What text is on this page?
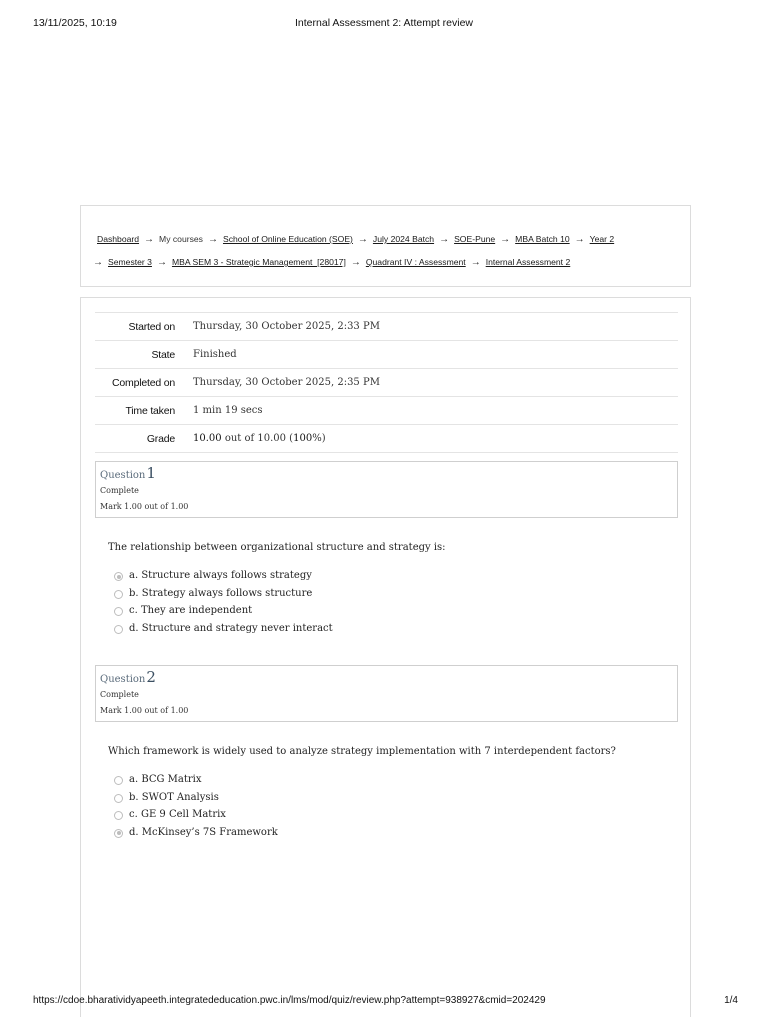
13/11/2025, 10:19	Internal Assessment 2: Attempt review
Dashboard → My courses → School of Online Education (SOE) → July 2024 Batch → SOE-Pune → MBA Batch 10 → Year 2
→ Semester 3 → MBA SEM 3 - Strategic Management_[28017] → Quadrant IV : Assessment → Internal Assessment 2
Started on	Thursday, 30 October 2025, 2:33 PM
State	Finished
Completed on	Thursday, 30 October 2025, 2:35 PM
Time taken	1 min 19 secs
Grade	10.00 out of 10.00 (100%)
Question1
Complete
Mark 1.00 out of 1.00
The relationship between organizational structure and strategy is:
a. Structure always follows strategy
b. Strategy always follows structure
c. They are independent
d. Structure and strategy never interact
Question2
Complete
Mark 1.00 out of 1.00
Which framework is widely used to analyze strategy implementation with 7 interdependent factors?
a. BCG Matrix
b. SWOT Analysis
c. GE 9 Cell Matrix
d. McKinsey’s 7S Framework
https://cdoe.bharatividyapeeth.integratededucation.pwc.in/lms/mod/quiz/review.php?attempt=938927&cmid=202429	1/4
